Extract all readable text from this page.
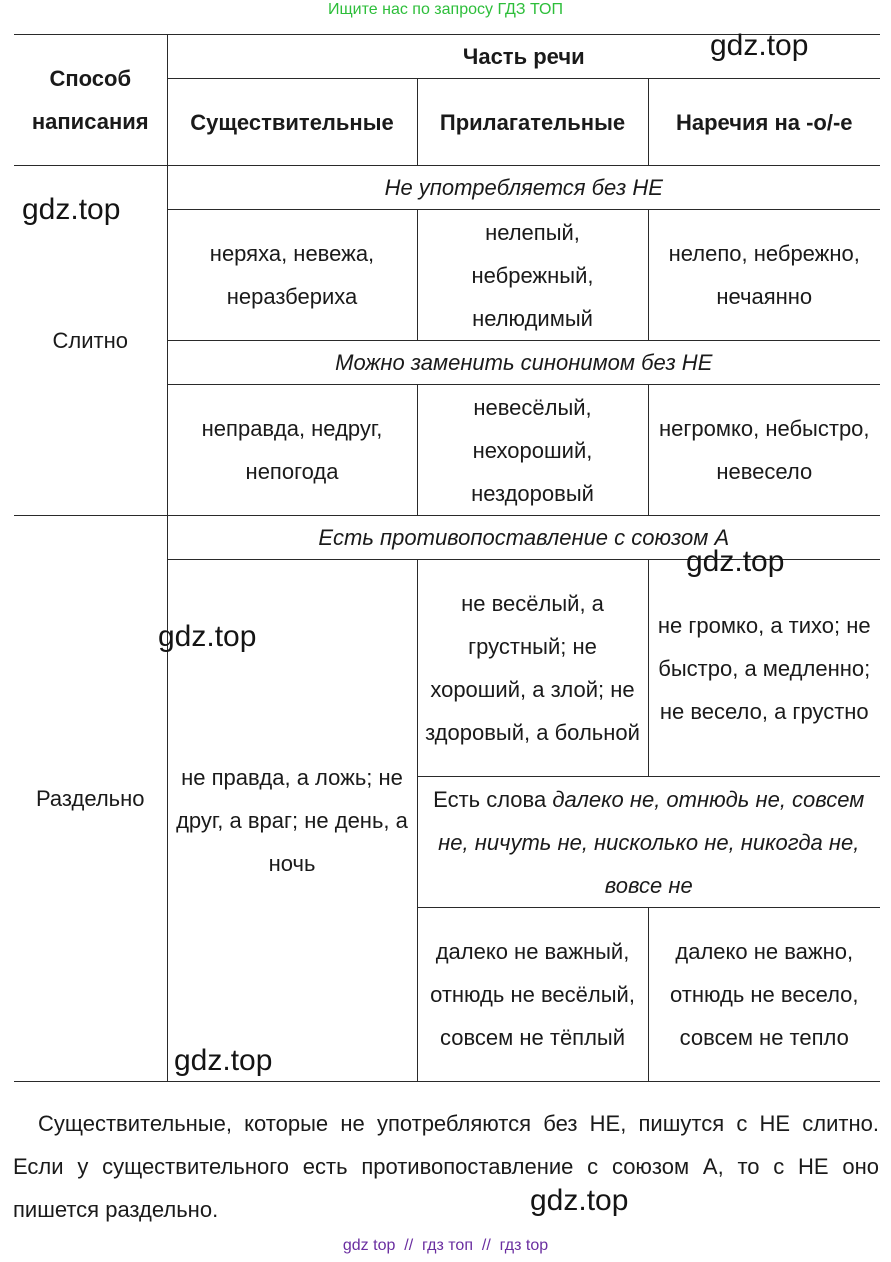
Ищите нас по запросу ГДЗ ТОП
Способ написания	Часть речи		
	Существительные	Прилагательные	Наречия на -о/-е
Слитно	Не употребляется без НЕ		
	неряха, невежа, неразбериха	нелепый, небрежный, нелюдимый	нелепо, небрежно, нечаянно
	Можно заменить синонимом без НЕ		
	неправда, недруг, непогода	невесёлый, нехороший, нездоровый	негромко, небыстро, невесело
Раздельно	Есть противопоставление с союзом А		
	не правда, а ложь; не друг, а враг; не день, а ночь	не весёлый, а грустный; не хороший, а злой; не здоровый, а больной	не громко, а тихо; не быстро, а медленно; не весело, а грустно
		Есть слова далеко не, отнюдь не, совсем не, ничуть не, нисколько не, никогда не, вовсе не	
		далеко не важный, отнюдь не весёлый, совсем не тёплый	далеко не важно, отнюдь не весело, совсем не тепло
gdz.top
gdz.top
gdz.top
gdz.top
gdz.top

Существительные, которые не употребляются без НЕ, пишутся с НЕ слитно. Если у существительного есть противопоставление с союзом А, то с НЕ оно пишется раздельно.	gdz.top
gdz top  //  гдз топ  //  гдз top
